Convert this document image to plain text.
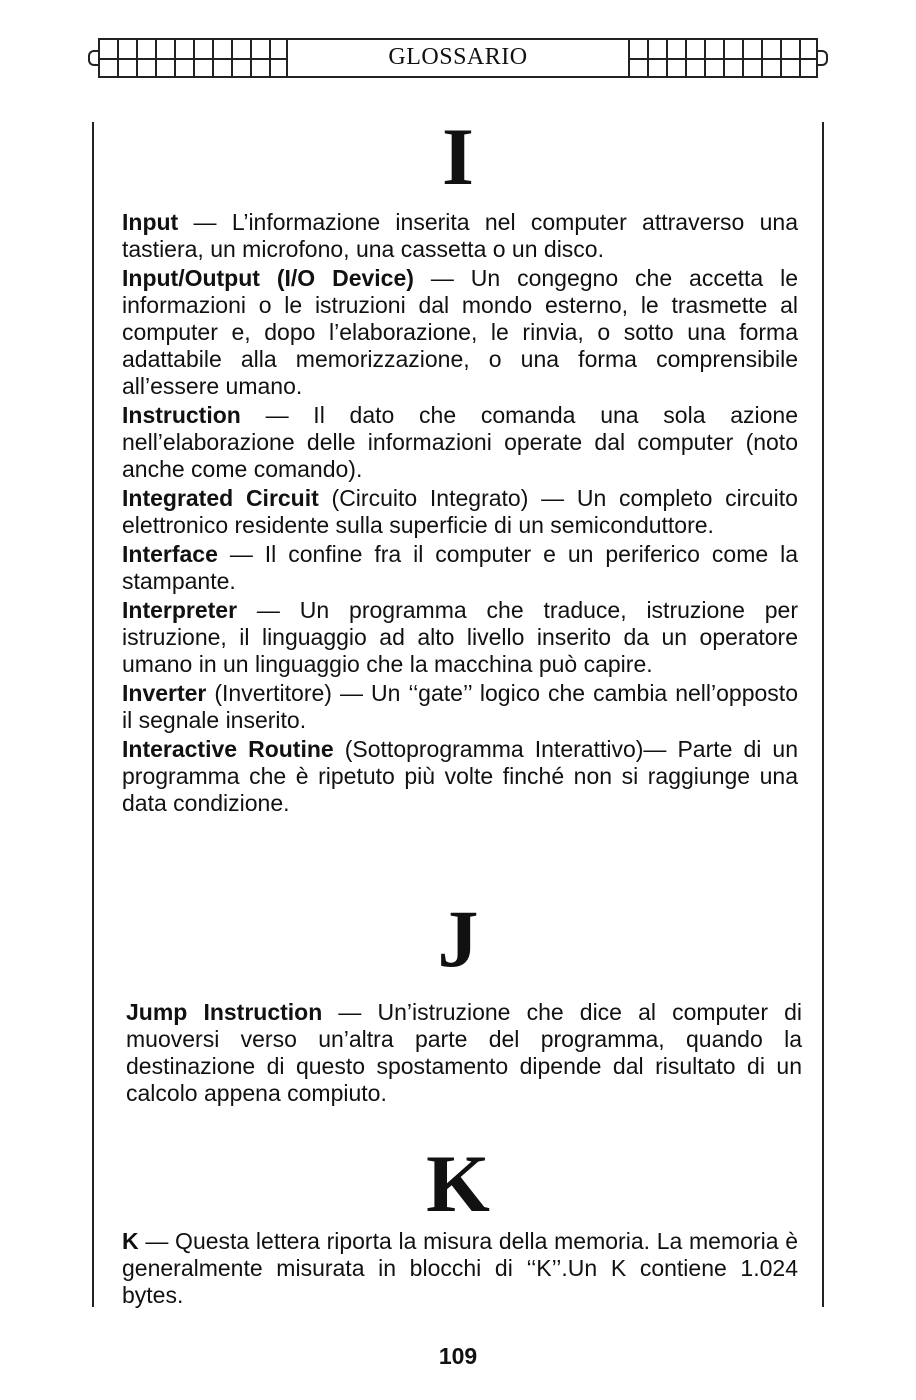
GLOSSARIO
I

Input — L’informazione inserita nel computer attraverso una tastiera, un microfono, una cassetta o un disco.

Input/Output (I/O Device) — Un congegno che accetta le informazioni o le istruzioni dal mondo esterno, le trasmette al computer e, dopo l’elaborazione, le rinvia, o sotto una forma adattabile alla memorizzazione, o una forma comprensibile all’essere umano.

Instruction — Il dato che comanda una sola azione nell’elaborazione delle informazioni operate dal computer (noto anche come comando).

Integrated Circuit (Circuito Integrato) — Un completo circuito elettronico residente sulla superficie di un semiconduttore.

Interface — Il confine fra il computer e un periferico come la stampante.

Interpreter — Un programma che traduce, istruzione per istruzione, il linguaggio ad alto livello inserito da un operatore umano in un linguaggio che la macchina può capire.

Inverter (Invertitore) — Un ‘‘gate’’ logico che cambia nell’opposto il segnale inserito.

Interactive Routine (Sottoprogramma Interattivo)— Parte di un programma che è ripetuto più volte finché non si raggiunge una data condizione.

J

Jump Instruction — Un’istruzione che dice al computer di muoversi verso un’altra parte del programma, quando la destinazione di questo spostamento dipende dal risultato di un calcolo appena compiuto.

K

K — Questa lettera riporta la misura della memoria. La memoria è generalmente misurata in blocchi di ‘‘K’’.Un K contiene 1.024 bytes.

109
